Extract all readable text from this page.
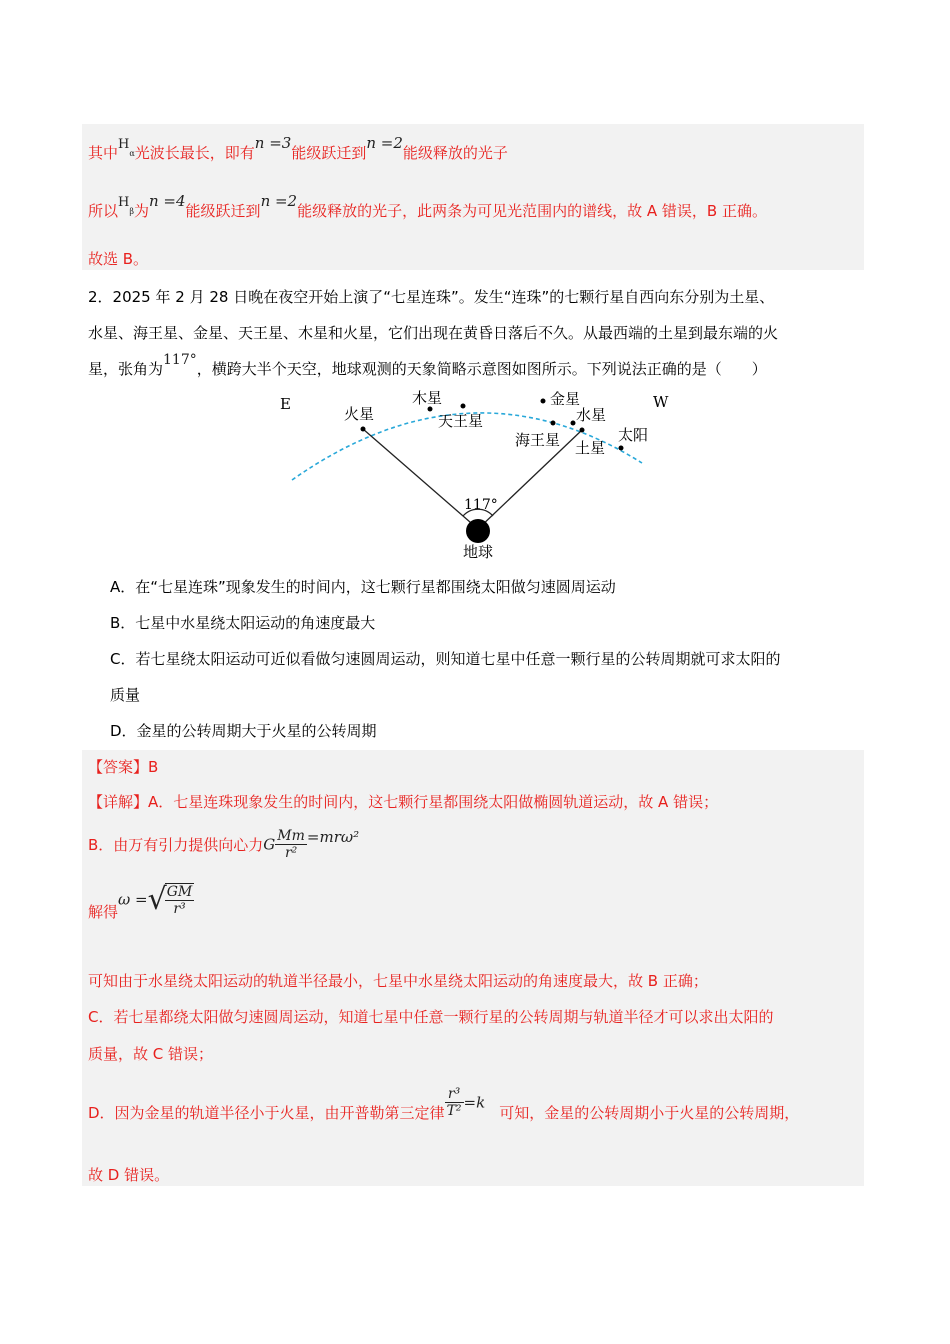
其中$H_\alpha$光波长最长，即有n =3能级跃迁到n =2能级释放的光子
所以$H_\beta$为n =4能级跃迁到n =2能级释放的光子，此两条为可见光范围内的谱线，故 A 错误，B 正确。
故选 B。
2．2025 年 2 月 28 日晚在夜空开始上演了“七星连珠”。发生“连珠”的七颗行星自西向东分别为土星、
水星、海王星、金星、天王星、木星和火星，它们出现在黄昏日落后不久。从最西端的土星到最东端的火
星，张角为117°，横跨大半个天空，地球观测的天象简略示意图如图所示。下列说法正确的是（　　）
E	W
火星
木星
天王星
金星
水星
海王星 土星
太阳
117°
地球
A．在“七星连珠”现象发生的时间内，这七颗行星都围绕太阳做匀速圆周运动
B．七星中水星绕太阳运动的角速度最大
C．若七星绕太阳运动可近似看做匀速圆周运动，则知道七星中任意一颗行星的公转周期就可求太阳的
质量
D．金星的公转周期大于火星的公转周期
【答案】B
【详解】A．七星连珠现象发生的时间内，这七颗行星都围绕太阳做椭圆轨道运动，故 A 错误；
B．由万有引力提供向心力G $\frac{Mm}{\text{r²}} =mr\omega^2$
解得ω =√
$\frac{GM}{\text{r³}}$
可知由于水星绕太阳运动的轨道半径最小，七星中水星绕太阳运动的角速度最大，故 B 正确；
C．若七星都绕太阳做匀速圆周运动，知道七星中任意一颗行星的公转周期与轨道半径才可以求出太阳的
质量，故 C 错误；
D．因为金星的轨道半径小于火星，由开普勒第三定律 $\frac{\text{r³}}{\text{T²}} =k$可知，金星的公转周期小于火星的公转周期，
故 D 错误。
